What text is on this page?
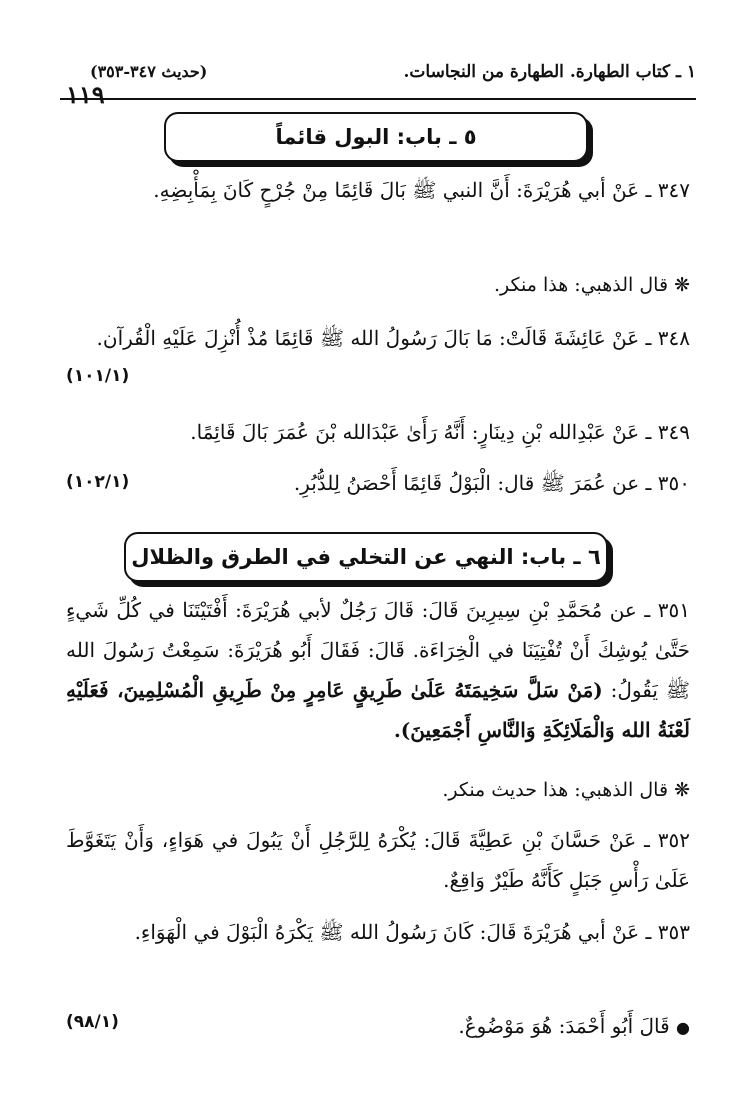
١ ـ كتاب الطهارة. الطهارة من النجاسات.
(حديث ٣٤٧-٣٥٣)
١١٩
٥ ـ باب: البول قائماً
٣٤٧ ـ عَنْ أبي هُرَيْرَةَ: أَنَّ النبي ﷺ بَالَ قَائِمًا مِنْ جُرْحٍ كَانَ بِمَأْبِضِهِ.
❋ قال الذهبي: هذا منكر.
٣٤٨ ـ عَنْ عَائِشَةَ قَالَتْ: مَا بَالَ رَسُولُ الله ﷺ قَائِمًا مُذْ أُنْزِلَ عَلَيْهِ الْقُرآن.
(١٠١/١)
٣٤٩ ـ عَنْ عَبْدِالله بْنِ دِينَارٍ: أَنَّهُ رَأَىٰ عَبْدَالله بْنَ عُمَرَ بَالَ قَائِمًا.
٣٥٠ ـ عن عُمَرَ ﷺ قال: الْبَوْلُ قَائِمًا أَحْصَنُ لِلدُّبُرِ.
(١٠٢/١)
٦ ـ باب: النهي عن التخلي في الطرق والظلال
٣٥١ ـ عن مُحَمَّدِ بْنِ سِيرِينَ قَالَ: قَالَ رَجُلٌ لأبي هُرَيْرَةَ: أَفْتَيْتَنَا في كُلِّ شَيءٍ حَتَّىٰ يُوشِكَ أَنْ تُفْتِيَنَا في الْخِرَاءَة. قَالَ: فَقَالَ أَبُو هُرَيْرَةَ: سَمِعْتُ رَسُولَ الله ﷺ يَقُولُ: (مَنْ سَلَّ سَخِيمَتَهُ عَلَىٰ طَرِيقٍ عَامِرٍ مِنْ طَرِيقِ الْمُسْلِمِينَ، فَعَلَيْهِ لَعْنَةُ الله وَالْمَلَائِكَةِ وَالنَّاسِ أَجْمَعِينَ).
❋ قال الذهبي: هذا حديث منكر.
٣٥٢ ـ عَنْ حَسَّانَ بْنِ عَطِيَّةَ قَالَ: يُكْرَهُ لِلرَّجُلِ أَنْ يَبُولَ في هَوَاءٍ، وَأَنْ يَتَغَوَّطَ عَلَىٰ رَأْسِ جَبَلٍ كَأَنَّهُ طَيْرٌ وَاقِعٌ.
٣٥٣ ـ عَنْ أبي هُرَيْرَةَ قَالَ: كَانَ رَسُولُ الله ﷺ يَكْرَهُ الْبَوْلَ في الْهَوَاءِ.
● قَالَ أَبُو أَحْمَدَ: هُوَ مَوْضُوعٌ.
(٩٨/١)
